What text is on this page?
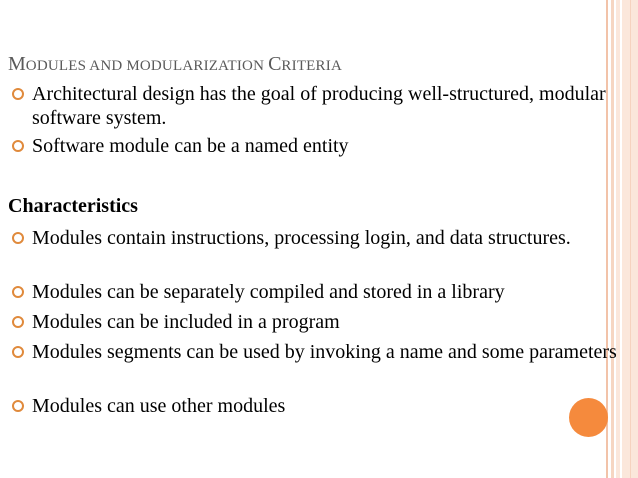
MODULES AND MODULARIZATION CRITERIA
Architectural design has the goal of producing well-structured, modular software system.
Software module can be a named entity
Characteristics
Modules contain instructions, processing login, and data structures.
Modules can be separately compiled and stored in a library
Modules can be included in a program
Modules segments can be used by invoking a name and some parameters
Modules can use other modules
